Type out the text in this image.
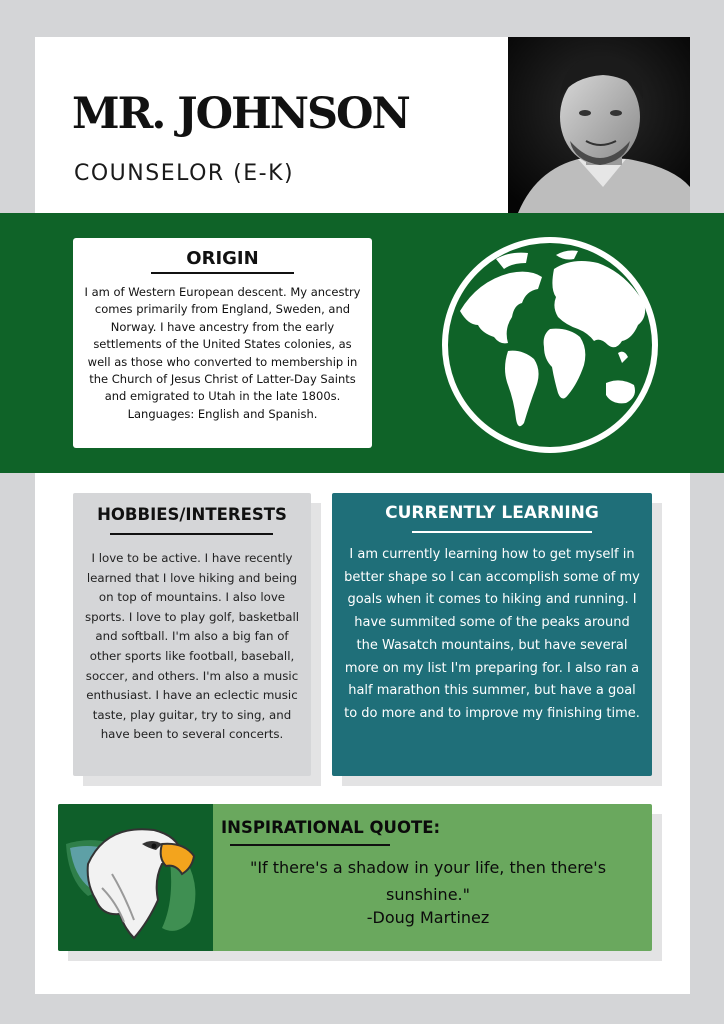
MR. JOHNSON
COUNSELOR (E-K)
ORIGIN
I am of Western European descent. My ancestry comes primarily from England, Sweden, and Norway. I have ancestry from the early settlements of the United States colonies, as well as those who converted to membership in the Church of Jesus Christ of Latter-Day Saints and emigrated to Utah in the late 1800s. Languages: English and Spanish.
HOBBIES/INTERESTS
I love to be active. I have recently learned that I love hiking and being on top of mountains. I also love sports. I love to play golf, basketball and softball. I'm also a big fan of other sports like football, baseball, soccer, and others. I'm also a music enthusiast. I have an eclectic music taste, play guitar, try to sing, and have been to several concerts.
CURRENTLY LEARNING
I am currently learning how to get myself in better shape so I can accomplish some of my goals when it comes to hiking and running. I have summited some of the peaks around the Wasatch mountains, but have several more on my list I'm preparing for. I also ran a half marathon this summer, but have a goal to do more and to improve my finishing time.
INSPIRATIONAL QUOTE:
"If there's a shadow in your life, then there's sunshine."
-Doug Martinez
